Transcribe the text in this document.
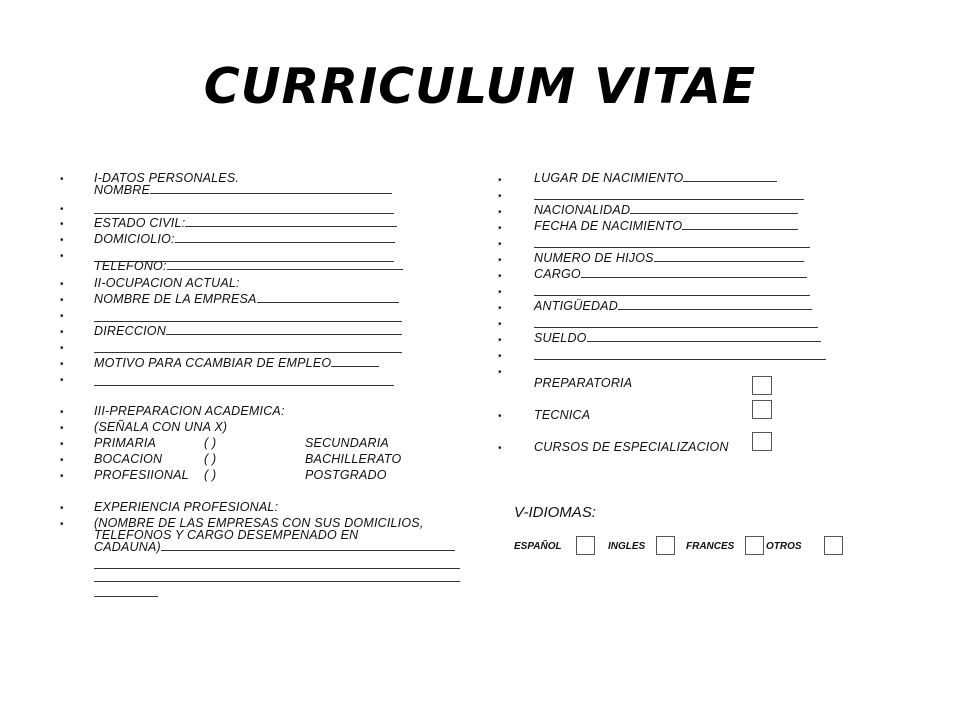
CURRICULUM VITAE
•
•
•
•
•
•
•
•
•
•
•
•
•
•
•
•
•
•
•
I-DATOS PERSONALES.
NOMBRE
ESTADO CIVIL:
DOMICIOLIO:
TELEFONO:
II-OCUPACION ACTUAL:
NOMBRE DE LA EMPRESA
DIRECCION
MOTIVO PARA CCAMBIAR DE EMPLEO
III-PREPARACION ACADEMICA:
(SEÑALA CON UNA X)
PRIMARIA	( )	SECUNDARIA
BOCACION	( )	BACHILLERATO
PROFESIIONAL ( )	POSTGRADO
EXPERIENCIA PROFESIONAL:
(NOMBRE DE LAS EMPRESAS CON SUS DOMICILIOS,
TELEFONOS Y CARGO DESEMPENADO EN
CADAUNA)
•
•
•
•
•
•
•
•
•
•
•
•
•
•
•
LUGAR DE NACIMIENTO
NACIONALIDAD
FECHA DE NACIMIENTO
NUMERO DE HIJOS
CARGO
ANTIGÜEDAD
SUELDO
PREPARATORIA
TECNICA
CURSOS DE ESPECIALIZACION
V-IDIOMAS:
ESPAÑOL	INGLES	FRANCES	OTROS
